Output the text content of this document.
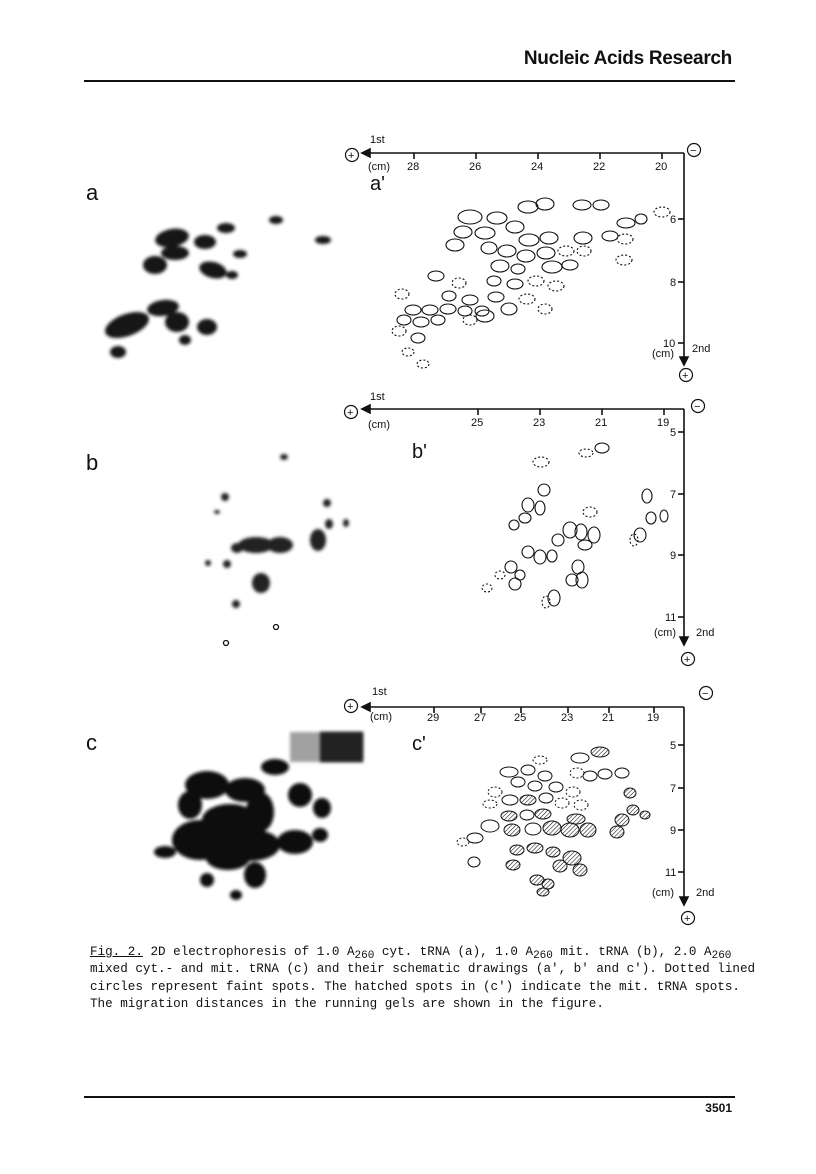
Nucleic Acids Research
a
1st
(cm) 28	26	24	22	20
6
8
10
(cm) 2nd
a'
+	−
+
b
1st
(cm)	25	23	21	19
5
7
9
11
(cm) 2nd
b'
+	−
+
c
1st
(cm)	29	27	25	23	21	19
5
7
9
11
(cm) 2nd
c'
+
−
+
Fig. 2. 2D electrophoresis of 1.0 $A_{260}$ cyt. tRNA (a), 1.0 $A_{260}$ mit. tRNA (b), 2.0 $A_{260}$ mixed cyt.- and mit. tRNA (c) and their schematic drawings (a', b' and c'). Dotted lined circles represent faint spots. The hatched spots in (c') indicate the mit. tRNA spots. The migration distances in the running gels are shown in the figure.
3501
